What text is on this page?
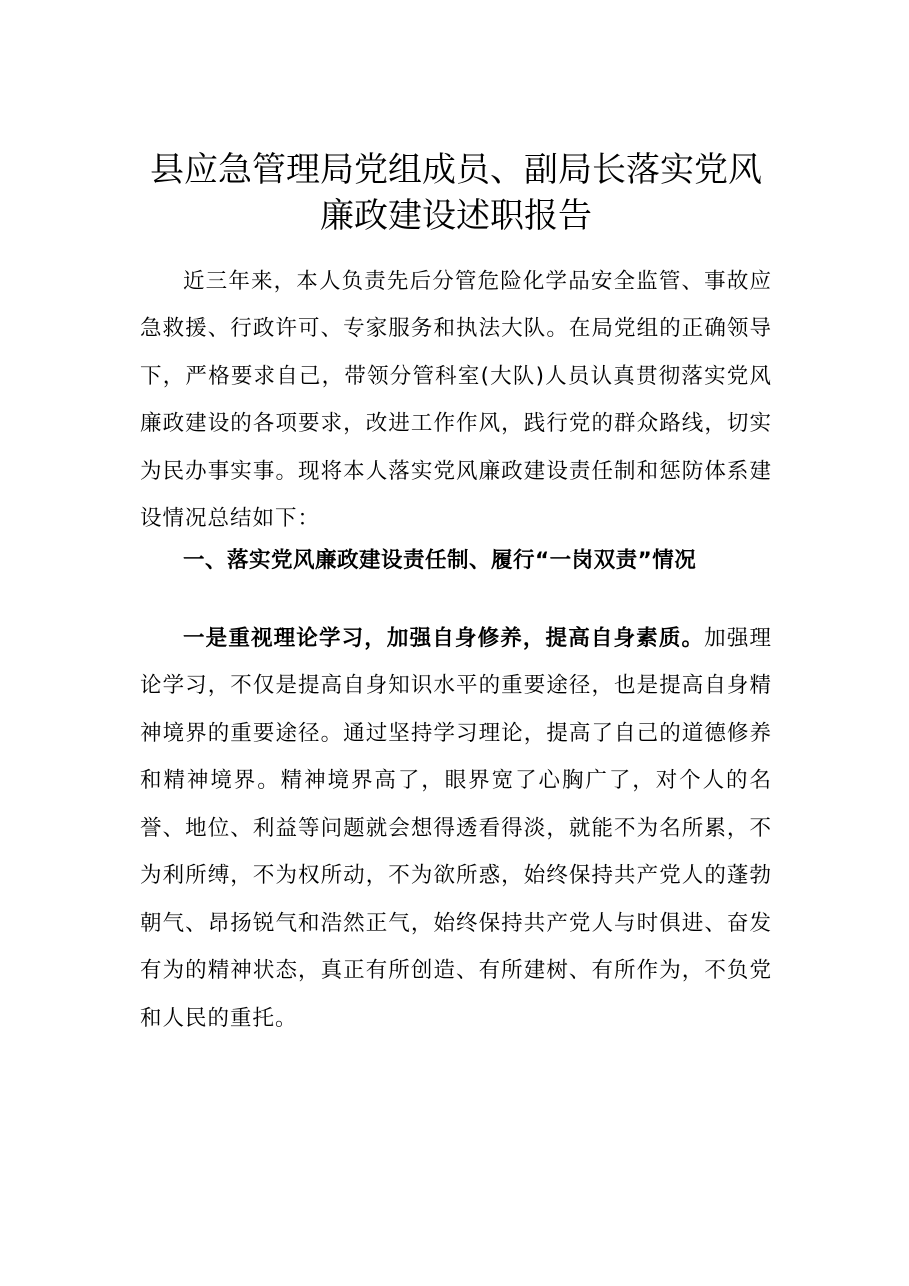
县应急管理局党组成员、副局长落实党风廉政建设述职报告

近三年来，本人负责先后分管危险化学品安全监管、事故应急救援、行政许可、专家服务和执法大队。在局党组的正确领导下，严格要求自己，带领分管科室(大队)人员认真贯彻落实党风廉政建设的各项要求，改进工作作风，践行党的群众路线，切实为民办事实事。现将本人落实党风廉政建设责任制和惩防体系建设情况总结如下：

一、落实党风廉政建设责任制、履行“一岗双责”情况

一是重视理论学习，加强自身修养，提高自身素质。加强理论学习，不仅是提高自身知识水平的重要途径，也是提高自身精神境界的重要途径。通过坚持学习理论，提高了自己的道德修养和精神境界。精神境界高了，眼界宽了心胸广了，对个人的名誉、地位、利益等问题就会想得透看得淡，就能不为名所累，不为利所缚，不为权所动，不为欲所惑，始终保持共产党人的蓬勃朝气、昂扬锐气和浩然正气，始终保持共产党人与时俱进、奋发有为的精神状态，真正有所创造、有所建树、有所作为，不负党和人民的重托。
